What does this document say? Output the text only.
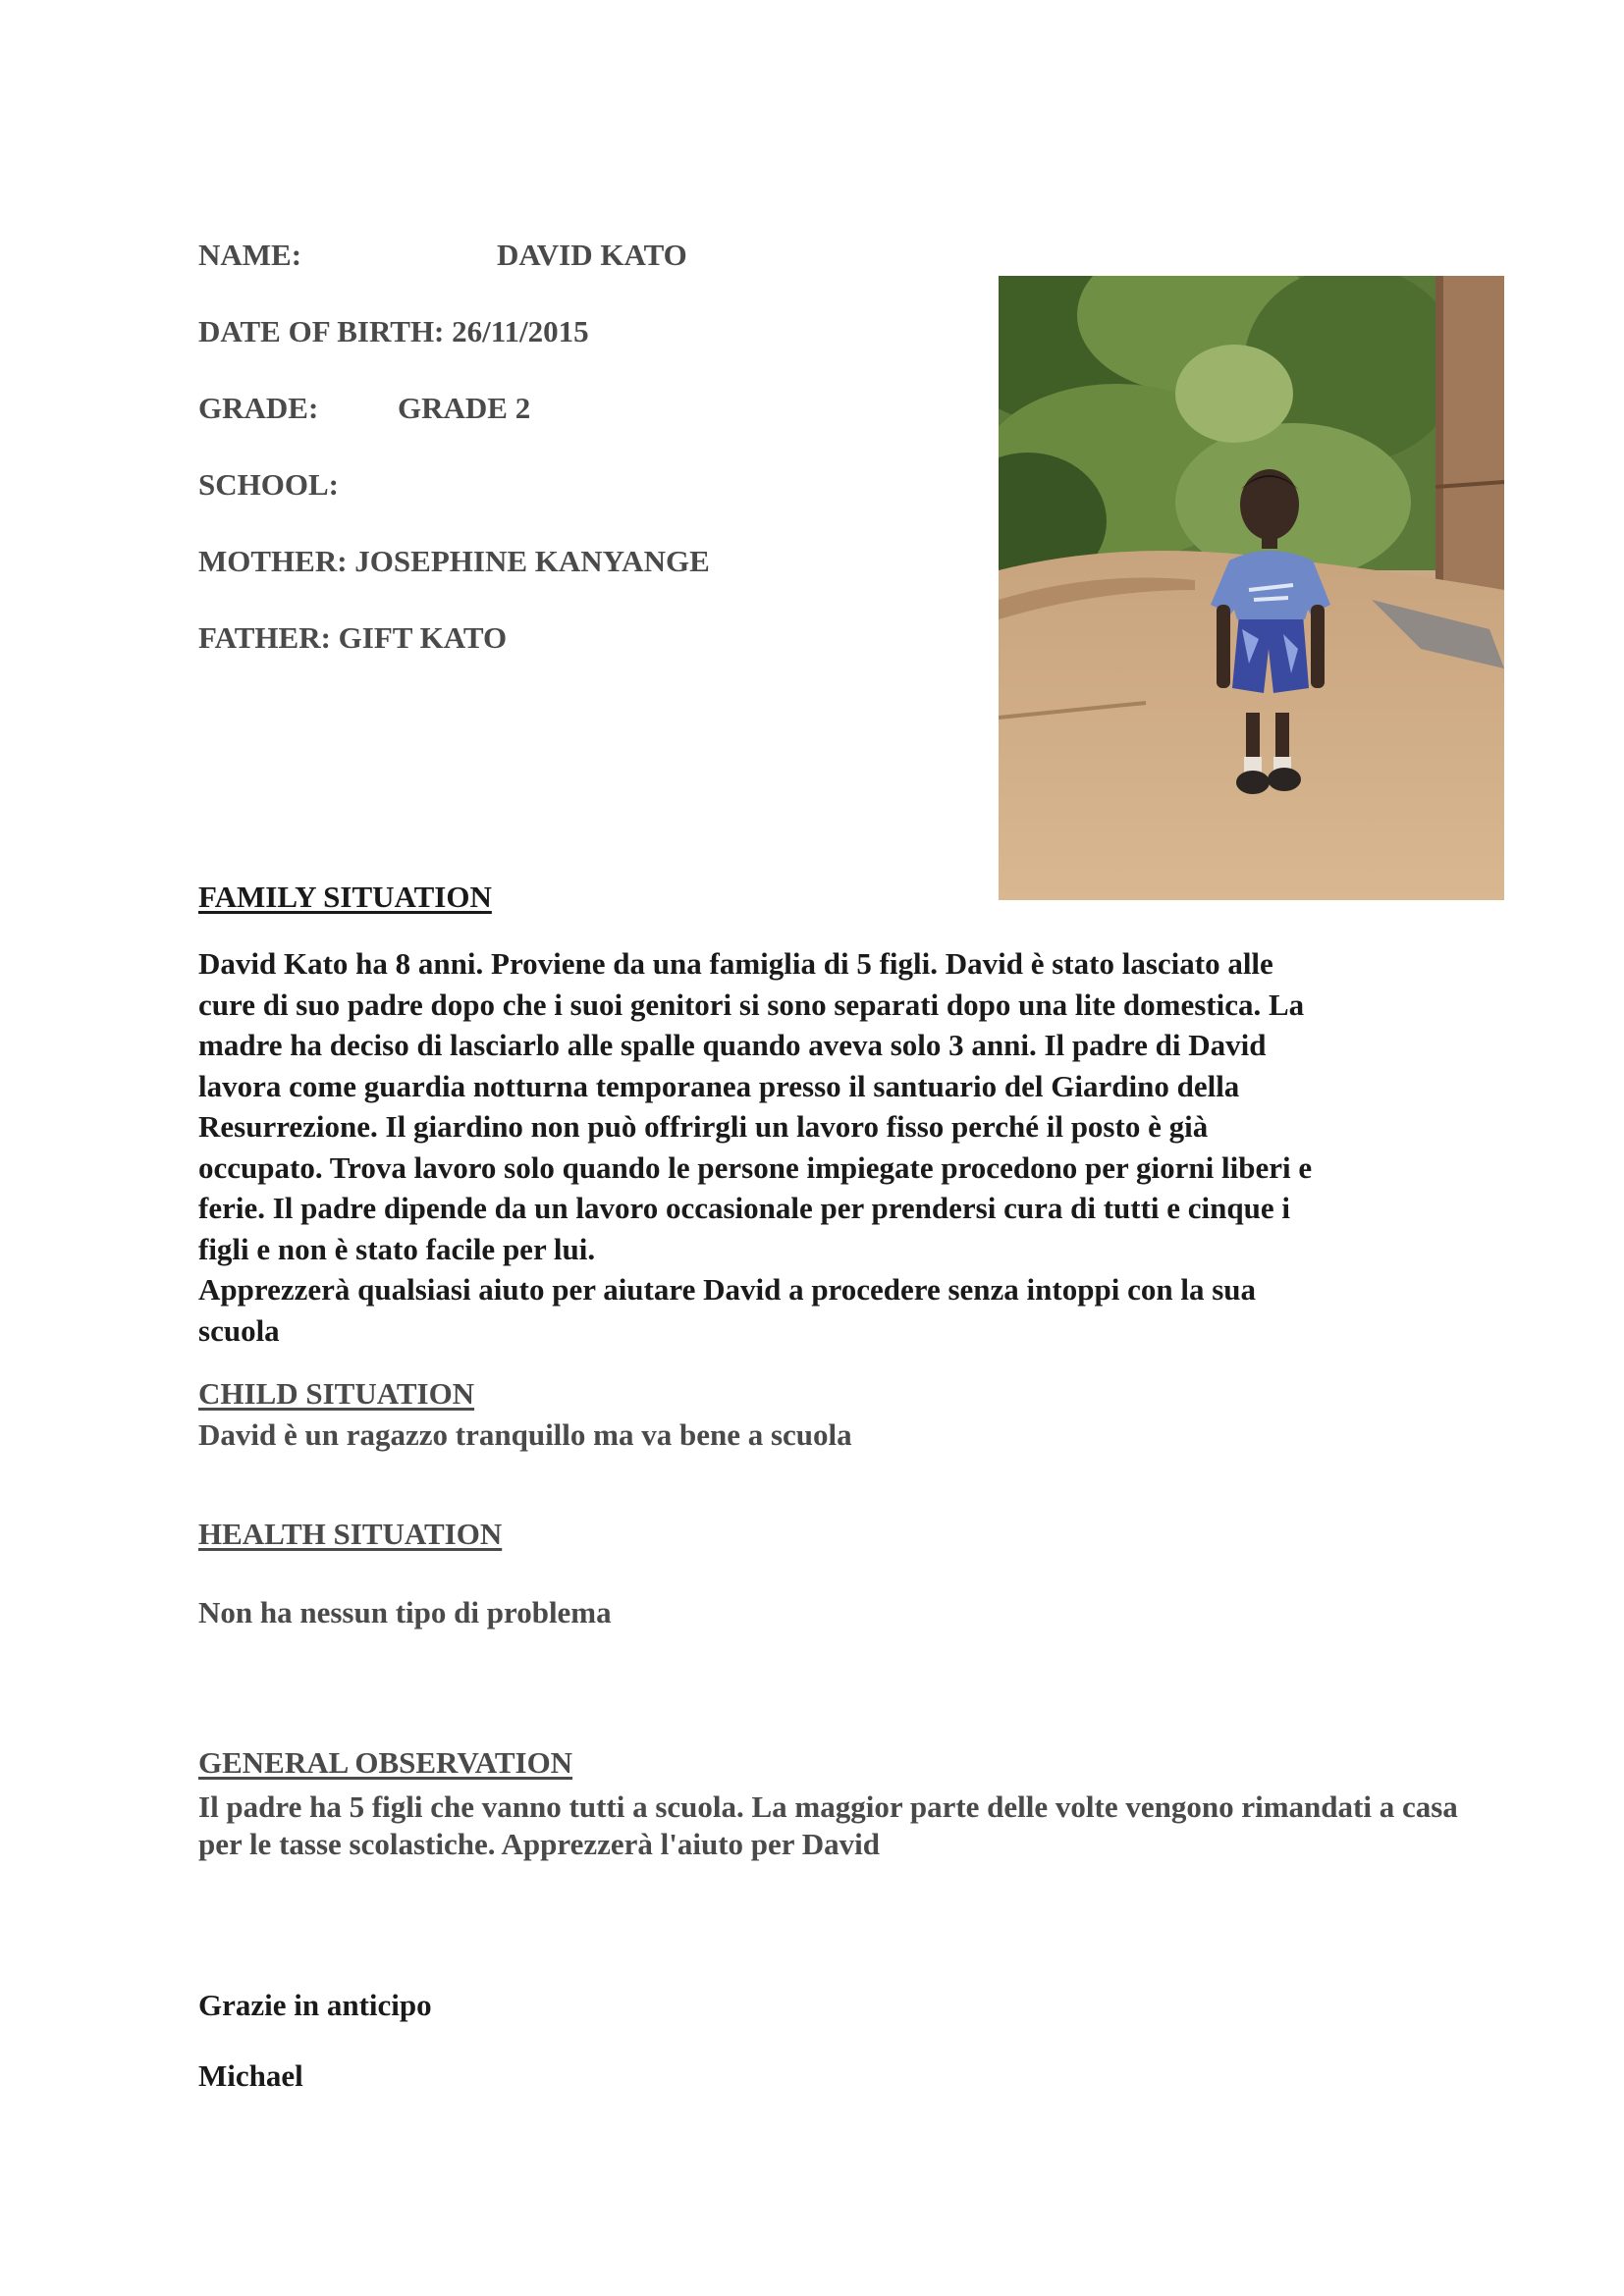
NAME:	DAVID KATO
DATE OF BIRTH: 26/11/2015
GRADE:	GRADE 2
SCHOOL:
MOTHER: JOSEPHINE KANYANGE
FATHER: GIFT KATO
FAMILY SITUATION
David Kato ha 8 anni. Proviene da una famiglia di 5 figli. David è stato lasciato alle
cure di suo padre dopo che i suoi genitori si sono separati dopo una lite domestica. La
madre ha deciso di lasciarlo alle spalle quando aveva solo 3 anni. Il padre di David
lavora come guardia notturna temporanea presso il santuario del Giardino della
Resurrezione. Il giardino non può offrirgli un lavoro fisso perché il posto è già
occupato. Trova lavoro solo quando le persone impiegate procedono per giorni liberi e
ferie. Il padre dipende da un lavoro occasionale per prendersi cura di tutti e cinque i
figli e non è stato facile per lui.
Apprezzerà qualsiasi aiuto per aiutare David a procedere senza intoppi con la sua
scuola
CHILD SITUATION
David è un ragazzo tranquillo ma va bene a scuola
HEALTH SITUATION
Non ha nessun tipo di problema
GENERAL OBSERVATION
Il padre ha 5 figli che vanno tutti a scuola. La maggior parte delle volte vengono rimandati a casa
per le tasse scolastiche. Apprezzerà l'aiuto per David
Grazie in anticipo
Michael
